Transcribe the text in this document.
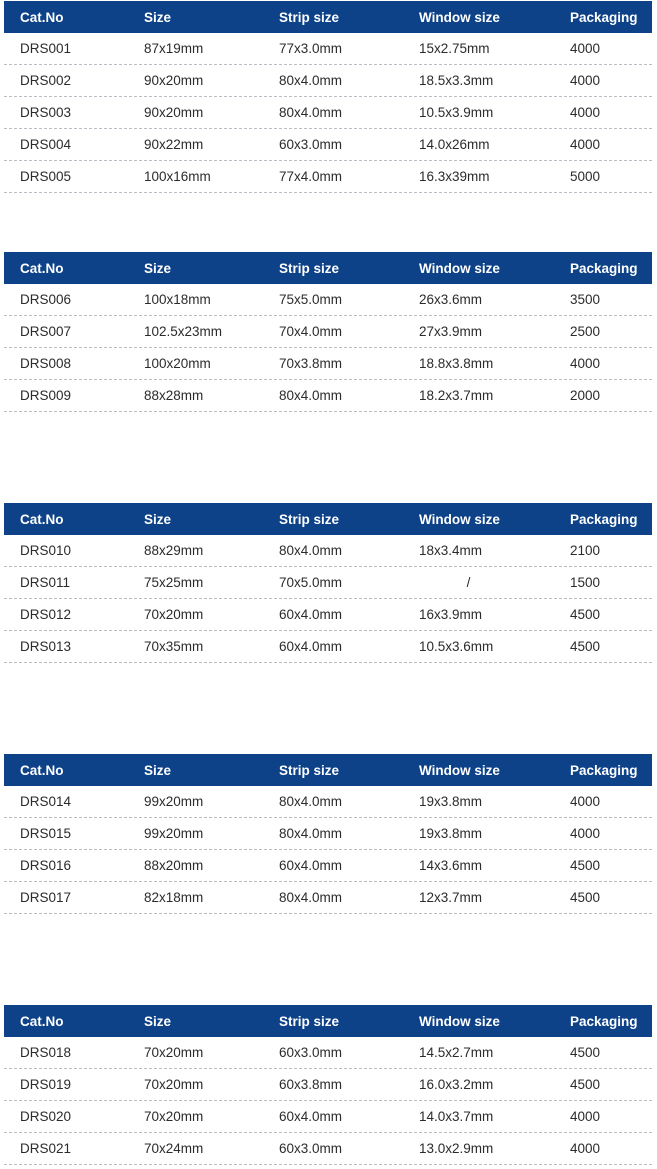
Cat.No	Size	Strip size	Window size	Packaging
DRS001	87x19mm	77x3.0mm	15x2.75mm	4000
DRS002	90x20mm	80x4.0mm	18.5x3.3mm	4000
DRS003	90x20mm	80x4.0mm	10.5x3.9mm	4000
DRS004	90x22mm	60x3.0mm	14.0x26mm	4000
DRS005	100x16mm	77x4.0mm	16.3x39mm	5000
Cat.No	Size	Strip size	Window size	Packaging
DRS006	100x18mm	75x5.0mm	26x3.6mm	3500
DRS007	102.5x23mm	70x4.0mm	27x3.9mm	2500
DRS008	100x20mm	70x3.8mm	18.8x3.8mm	4000
DRS009	88x28mm	80x4.0mm	18.2x3.7mm	2000
Cat.No	Size	Strip size	Window size	Packaging
DRS010	88x29mm	80x4.0mm	18x3.4mm	2100
DRS011	75x25mm	70x5.0mm	/	1500
DRS012	70x20mm	60x4.0mm	16x3.9mm	4500
DRS013	70x35mm	60x4.0mm	10.5x3.6mm	4500
Cat.No	Size	Strip size	Window size	Packaging
DRS014	99x20mm	80x4.0mm	19x3.8mm	4000
DRS015	99x20mm	80x4.0mm	19x3.8mm	4000
DRS016	88x20mm	60x4.0mm	14x3.6mm	4500
DRS017	82x18mm	80x4.0mm	12x3.7mm	4500
Cat.No	Size	Strip size	Window size	Packaging
DRS018	70x20mm	60x3.0mm	14.5x2.7mm	4500
DRS019	70x20mm	60x3.8mm	16.0x3.2mm	4500
DRS020	70x20mm	60x4.0mm	14.0x3.7mm	4000
DRS021	70x24mm	60x3.0mm	13.0x2.9mm	4000
